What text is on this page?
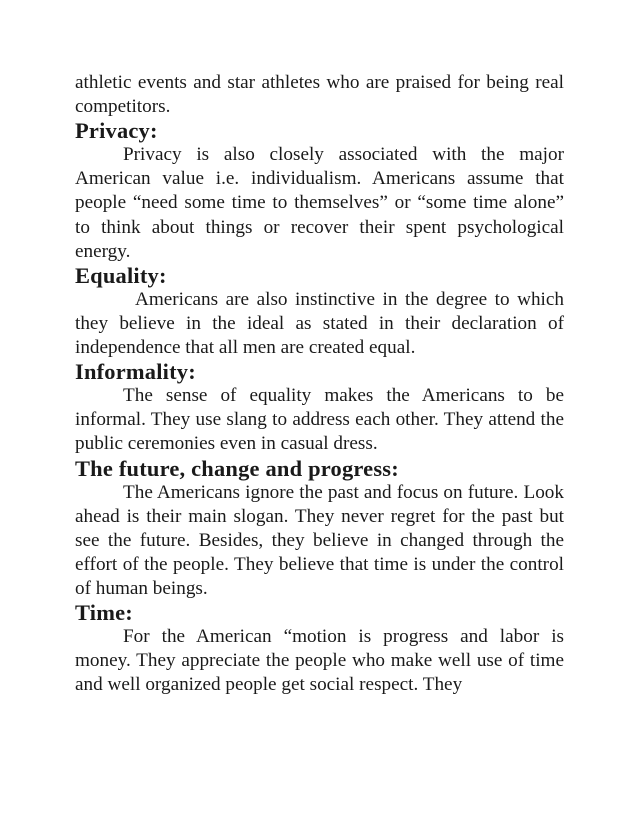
athletic events and star athletes who are praised for being real competitors.

Privacy:

Privacy is also closely associated with the major American value i.e. individualism. Americans assume that people “need some time to themselves” or “some time alone” to think about things or recover their spent psychological energy.

Equality:

Americans are also instinctive in the degree to which they believe in the ideal as stated in their declaration of independence that all men are created equal.

Informality:

The sense of equality makes the Americans to be informal. They use slang to address each other. They attend the public ceremonies even in casual dress.

The future, change and progress:

The Americans ignore the past and focus on future. Look ahead is their main slogan. They never regret for the past but see the future. Besides, they believe in changed through the effort of the people. They believe that time is under the control of human beings.

Time:

For the American “motion is progress and labor is money. They appreciate the people who make well use of time and well organized people get social respect. They
